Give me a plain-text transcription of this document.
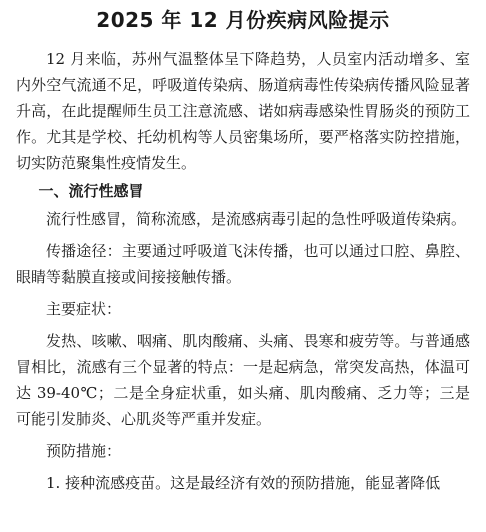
2025 年 12 月份疾病风险提示

12 月来临，苏州气温整体呈下降趋势，人员室内活动增多、室内外空气流通不足，呼吸道传染病、肠道病毒性传染病传播风险显著升高，在此提醒师生员工注意流感、诺如病毒感染性胃肠炎的预防工作。尤其是学校、托幼机构等人员密集场所，要严格落实防控措施，切实防范聚集性疫情发生。

一、流行性感冒

流行性感冒，简称流感，是流感病毒引起的急性呼吸道传染病。

传播途径：主要通过呼吸道飞沫传播，也可以通过口腔、鼻腔、眼睛等黏膜直接或间接接触传播。

主要症状：

发热、咳嗽、咽痛、肌肉酸痛、头痛、畏寒和疲劳等。与普通感冒相比，流感有三个显著的特点：一是起病急，常突发高热，体温可达 39-40℃；二是全身症状重，如头痛、肌肉酸痛、乏力等；三是可能引发肺炎、心肌炎等严重并发症。

预防措施：

1. 接种流感疫苗。这是最经济有效的预防措施，能显著降低
